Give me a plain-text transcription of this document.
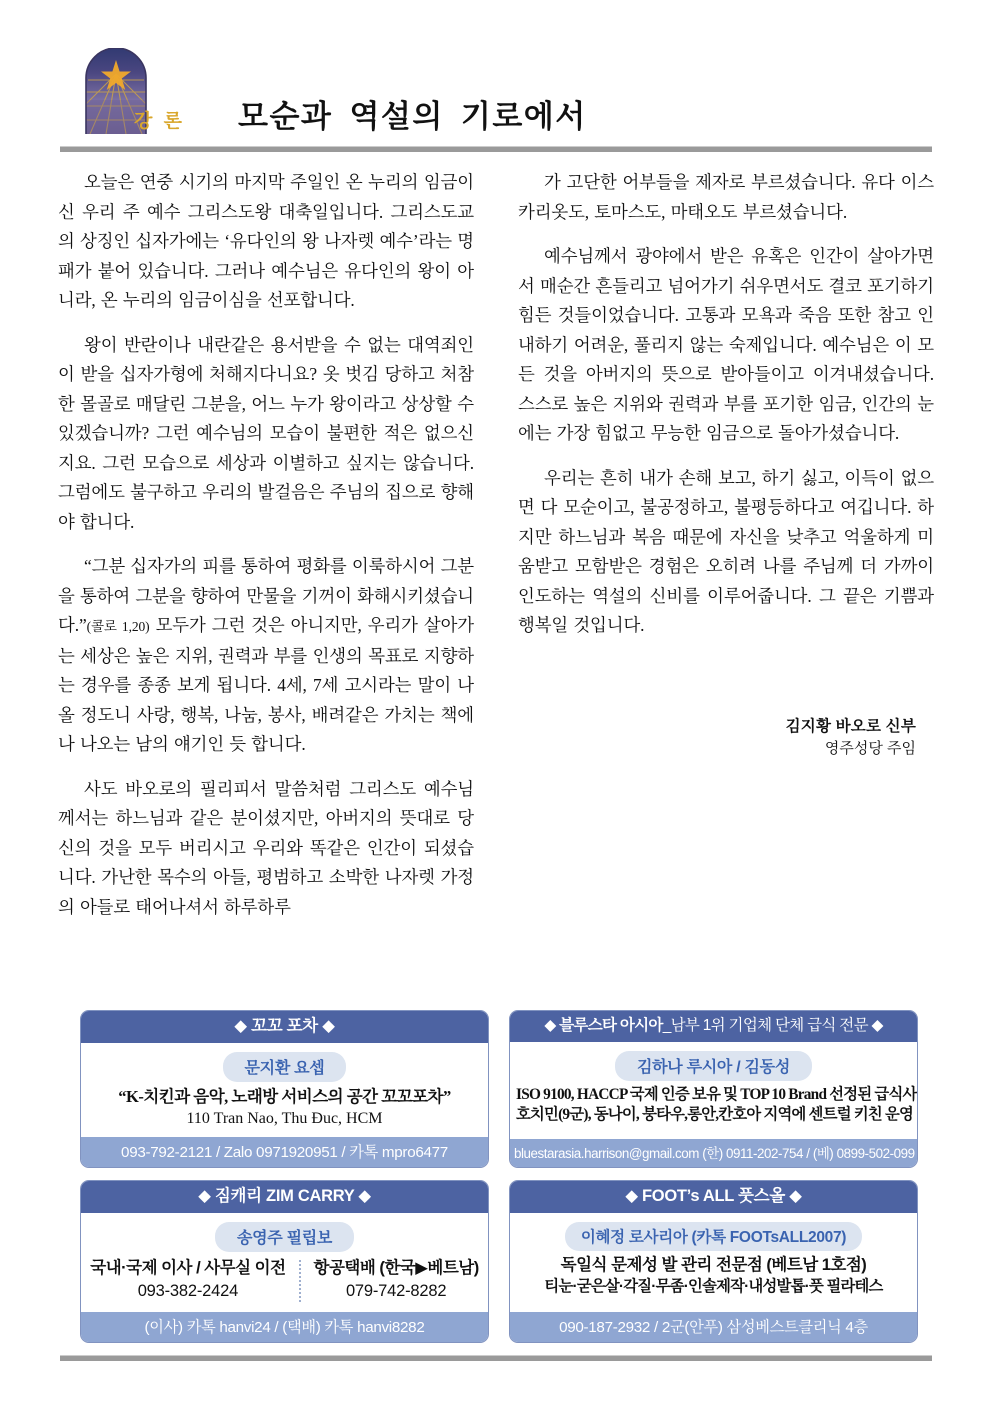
강 론 모순과 역설의 기로에서

오늘은 연중 시기의 마지막 주일인 온 누리의 임금이신 우리 주 예수 그리스도왕 대축일입니다. 그리스도교의 상징인 십자가에는 ‘유다인의 왕 나자렛 예수’라는 명패가 붙어 있습니다. 그러나 예수님은 유다인의 왕이 아니라, 온 누리의 임금이심을 선포합니다.

왕이 반란이나 내란같은 용서받을 수 없는 대역죄인이 받을 십자가형에 처해지다니요? 옷 벗김 당하고 처참한 몰골로 매달린 그분을, 어느 누가 왕이라고 상상할 수 있겠습니까? 그런 예수님의 모습이 불편한 적은 없으신지요. 그런 모습으로 세상과 이별하고 싶지는 않습니다. 그럼에도 불구하고 우리의 발걸음은 주님의 집으로 향해야 합니다.

“그분 십자가의 피를 통하여 평화를 이룩하시어 그분을 통하여 그분을 향하여 만물을 기꺼이 화해시키셨습니다.”(콜로 1,20) 모두가 그런 것은 아니지만, 우리가 살아가는 세상은 높은 지위, 권력과 부를 인생의 목표로 지향하는 경우를 종종 보게 됩니다. 4세, 7세 고시라는 말이 나올 정도니 사랑, 행복, 나눔, 봉사, 배려같은 가치는 책에나 나오는 남의 얘기인 듯 합니다.

사도 바오로의 필리피서 말씀처럼 그리스도 예수님께서는 하느님과 같은 분이셨지만, 아버지의 뜻대로 당신의 것을 모두 버리시고 우리와 똑같은 인간이 되셨습니다. 가난한 목수의 아들, 평범하고 소박한 나자렛 가정의 아들로 태어나셔서 하루하루

가 고단한 어부들을 제자로 부르셨습니다. 유다 이스카리옷도, 토마스도, 마태오도 부르셨습니다.

예수님께서 광야에서 받은 유혹은 인간이 살아가면서 매순간 흔들리고 넘어가기 쉬우면서도 결코 포기하기 힘든 것들이었습니다. 고통과 모욕과 죽음 또한 참고 인내하기 어려운, 풀리지 않는 숙제입니다. 예수님은 이 모든 것을 아버지의 뜻으로 받아들이고 이겨내셨습니다. 스스로 높은 지위와 권력과 부를 포기한 임금, 인간의 눈에는 가장 힘없고 무능한 임금으로 돌아가셨습니다.

우리는 흔히 내가 손해 보고, 하기 싫고, 이득이 없으면 다 모순이고, 불공정하고, 불평등하다고 여깁니다. 하지만 하느님과 복음 때문에 자신을 낮추고 억울하게 미움받고 모함받은 경험은 오히려 나를 주님께 더 가까이 인도하는 역설의 신비를 이루어줍니다. 그 끝은 기쁨과 행복일 것입니다.

김지황 바오로 신부
영주성당 주임
◆ 꼬꼬 포차 ◆
문지환 요셉
“K-치킨과 음악, 노래방 서비스의 공간 꼬꼬포차”
110 Tran Nao, Thu Đuc, HCM
093-792-2121 / Zalo 0971920951 / 카톡 mpro6477
◆ 블루스타 아시아_남부 1위 기업체 단체 급식 전문 ◆
김하나 루시아 / 김동성
ISO 9100, HACCP 국제 인증 보유 및 TOP 10 Brand 선정된 급식사
호치민(9군), 동나이, 붕타우,롱안,칸호아 지역에 센트럴 키친 운영
bluestarasia.harrison@gmail.com (한) 0911-202-754 / (베) 0899-502-099
◆ 짐캐리 ZIM CARRY ◆
송영주 필립보
국내·국제 이사 / 사무실 이전
093-382-2424
항공택배 (한국▶베트남)
079-742-8282
(이사) 카톡 hanvi24 / (택배) 카톡 hanvi8282
◆ FOOT’s ALL 풋스올 ◆
이혜정 로사리아 (카톡 FOOTsALL2007)
독일식 문제성 발 관리 전문점 (베트남 1호점)
티눈·굳은살·각질·무좀·인솔제작·내성발톱·풋 필라테스
090-187-2932 / 2군(안푸) 삼성베스트클리닉 4층
